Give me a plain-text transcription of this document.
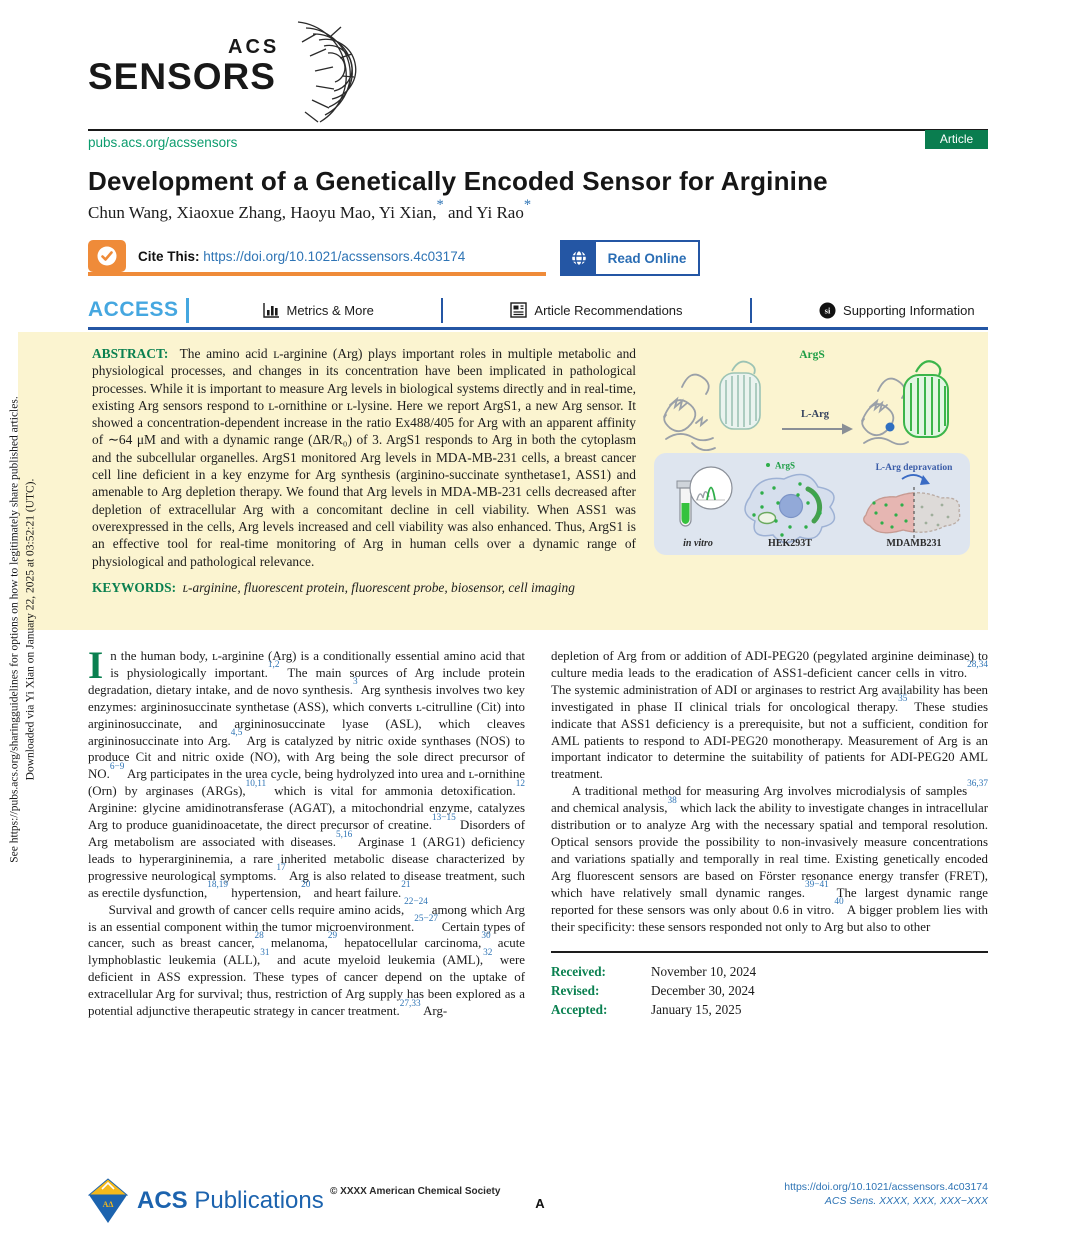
See https://pubs.acs.org/sharingguidelines for options on how to legitimately share published articles. Downloaded via Yi Xian on January 22, 2025 at 03:52:21 (UTC).
ACS
SENSORS
pubs.acs.org/acssensors	Article
Development of a Genetically Encoded Sensor for Arginine
Chun Wang, Xiaoxue Zhang, Haoyu Mao, Yi Xian,* and Yi Rao*
Cite This: https://doi.org/10.1021/acssensors.4c03174	Read Online
ACCESS	Metrics & More	Article Recommendations	si Supporting Information
ArgS
L-Arg
in vitro
ArgS
HEK293T
L-Arg depravation
MDAMB231
ABSTRACT: The amino acid ʟ-arginine (Arg) plays important roles in multiple metabolic and physiological processes, and changes in its concentration have been implicated in pathological processes. While it is important to measure Arg levels in biological systems directly and in real-time, existing Arg sensors respond to ʟ-ornithine or ʟ-lysine. Here we report ArgS1, a new Arg sensor. It showed a concentration-dependent increase in the ratio Ex488/405 for Arg with an apparent affinity of ∼64 μM and with a dynamic range (ΔR/R₀) of 3. ArgS1 responds to Arg in both the cytoplasm and the subcellular organelles. ArgS1 monitored Arg levels in MDA-MB-231 cells, a breast cancer cell line deficient in a key enzyme for Arg synthesis (arginino-succinate synthetase1, ASS1) and amenable to Arg depletion therapy. We found that Arg levels in MDA-MB-231 cells decreased after depletion of extracellular Arg with a concomitant decline in cell viability. When ASS1 was overexpressed in the cells, Arg levels increased and cell viability was also enhanced. Thus, ArgS1 is an effective tool for real-time monitoring of Arg in human cells over a dynamic range of physiological and pathological relevance.
KEYWORDS: ʟ-arginine, fluorescent protein, fluorescent probe, biosensor, cell imaging

In the human body, ʟ-arginine (Arg) is a conditionally essential amino acid that is physiologically important.$^{1,2}$ The main sources of Arg include protein degradation, dietary intake, and de novo synthesis.$^3$ Arg synthesis involves two key enzymes: argininosuccinate synthetase (ASS), which converts ʟ-citrulline (Cit) into argininosuccinate, and argininosuccinate lyase (ASL), which cleaves argininosuccinate into Arg.$^{4,5}$ Arg is catalyzed by nitric oxide synthases (NOS) to produce Cit and nitric oxide (NO), with Arg being the sole direct precursor of NO.$^{6-9}$ Arg participates in the urea cycle, being hydrolyzed into urea and ʟ-ornithine (Orn) by arginases (ARGs),$^{10,11}$ which is vital for ammonia detoxification.$^{12}$ Arginine: glycine amidinotransferase (AGAT), a mitochondrial enzyme, catalyzes Arg to produce guanidinoacetate, the direct precursor of creatine.$^{13-15}$ Disorders of Arg metabolism are associated with diseases.$^{5,16}$ Arginase 1 (ARG1) deficiency leads to hyperargininemia, a rare inherited metabolic disease characterized by progressive neurological symptoms.$^{17}$ Arg is also related to disease treatment, such as erectile dysfunction,$^{18,19}$ hypertension,$^{20}$ and heart failure.$^{21}$

Survival and growth of cancer cells require amino acids,$^{22-24}$ among which Arg is an essential component within the tumor microenvironment.$^{25-27}$ Certain types of cancer, such as breast cancer,$^{28}$ melanoma,$^{29}$ hepatocellular carcinoma,$^{30}$ acute lymphoblastic leukemia (ALL),$^{31}$ and acute myeloid leukemia (AML),$^{32}$ were deficient in ASS expression. These types of cancer depend on the uptake of extracellular Arg for survival; thus, restriction of Arg supply has been explored as a potential adjunctive therapeutic strategy in cancer treatment.$^{27,33}$ Arg-

depletion of Arg from or addition of ADI-PEG20 (pegylated arginine deiminase) to culture media leads to the eradication of ASS1-deficient cancer cells in vitro.$^{28,34}$ The systemic administration of ADI or arginases to restrict Arg availability has been investigated in phase II clinical trials for oncological therapy.$^{35}$ These studies indicate that ASS1 deficiency is a prerequisite, but not a sufficient, condition for AML patients to respond to ADI-PEG20 monotherapy. Measurement of Arg is an important indicator to determine the suitability of patients for ADI-PEG20 AML treatment.

A traditional method for measuring Arg involves microdialysis of samples$^{36,37}$ and chemical analysis,$^{38}$ which lack the ability to investigate changes in intracellular distribution or to analyze Arg with the necessary spatial and temporal resolution. Optical sensors provide the possibility to non-invasively measure concentrations and variations spatially and temporally in real time. Existing genetically encoded Arg fluorescent sensors are based on Förster resonance energy transfer (FRET), which have relatively small dynamic ranges.$^{39-41}$ The largest dynamic range reported for these sensors was only about 0.6 in vitro.$^{40}$ A bigger problem lies with their specificity: these sensors responded not only to Arg but also to other

Received:	November 10, 2024
Revised:	December 30, 2024
Accepted:	January 15, 2025
AΔ ACS Publications © XXXX American Chemical Society
A
https://doi.org/10.1021/acssensors.4c03174
ACS Sens. XXXX, XXX, XXX−XXX
